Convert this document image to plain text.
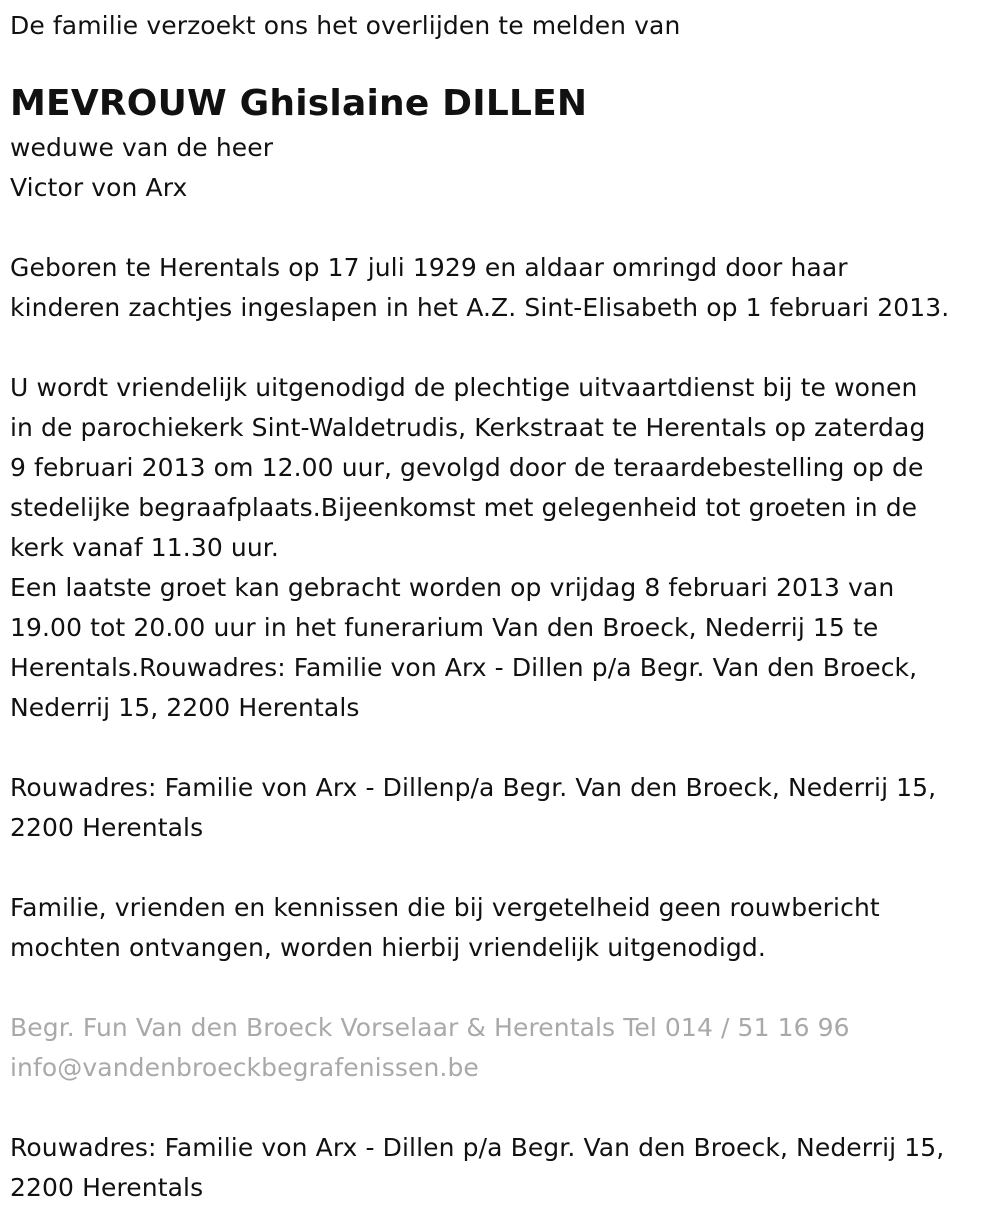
De familie verzoekt ons het overlijden te melden van

MEVROUW Ghislaine DILLEN

weduwe van de heer

Victor von Arx

Geboren te Herentals op 17 juli 1929 en aldaar omringd door haar

kinderen zachtjes ingeslapen in het A.Z. Sint-Elisabeth op 1 februari 2013.

U wordt vriendelijk uitgenodigd de plechtige uitvaartdienst bij te wonen

in de parochiekerk Sint-Waldetrudis, Kerkstraat te Herentals op zaterdag

9 februari 2013 om 12.00 uur, gevolgd door de teraardebestelling op de

stedelijke begraafplaats.Bijeenkomst met gelegenheid tot groeten in de

kerk vanaf 11.30 uur.

Een laatste groet kan gebracht worden op vrijdag 8 februari 2013 van

19.00 tot 20.00 uur in het funerarium Van den Broeck, Nederrij 15 te

Herentals.Rouwadres: Familie von Arx - Dillen p/a Begr. Van den Broeck,

Nederrij 15, 2200 Herentals

Rouwadres: Familie von Arx - Dillenp/a Begr. Van den Broeck, Nederrij 15,

2200 Herentals

Familie, vrienden en kennissen die bij vergetelheid geen rouwbericht

mochten ontvangen, worden hierbij vriendelijk uitgenodigd.

Begr. Fun Van den Broeck Vorselaar & Herentals Tel 014 / 51 16 96

info@vandenbroeckbegrafenissen.be

Rouwadres: Familie von Arx - Dillen p/a Begr. Van den Broeck, Nederrij 15,

2200 Herentals
